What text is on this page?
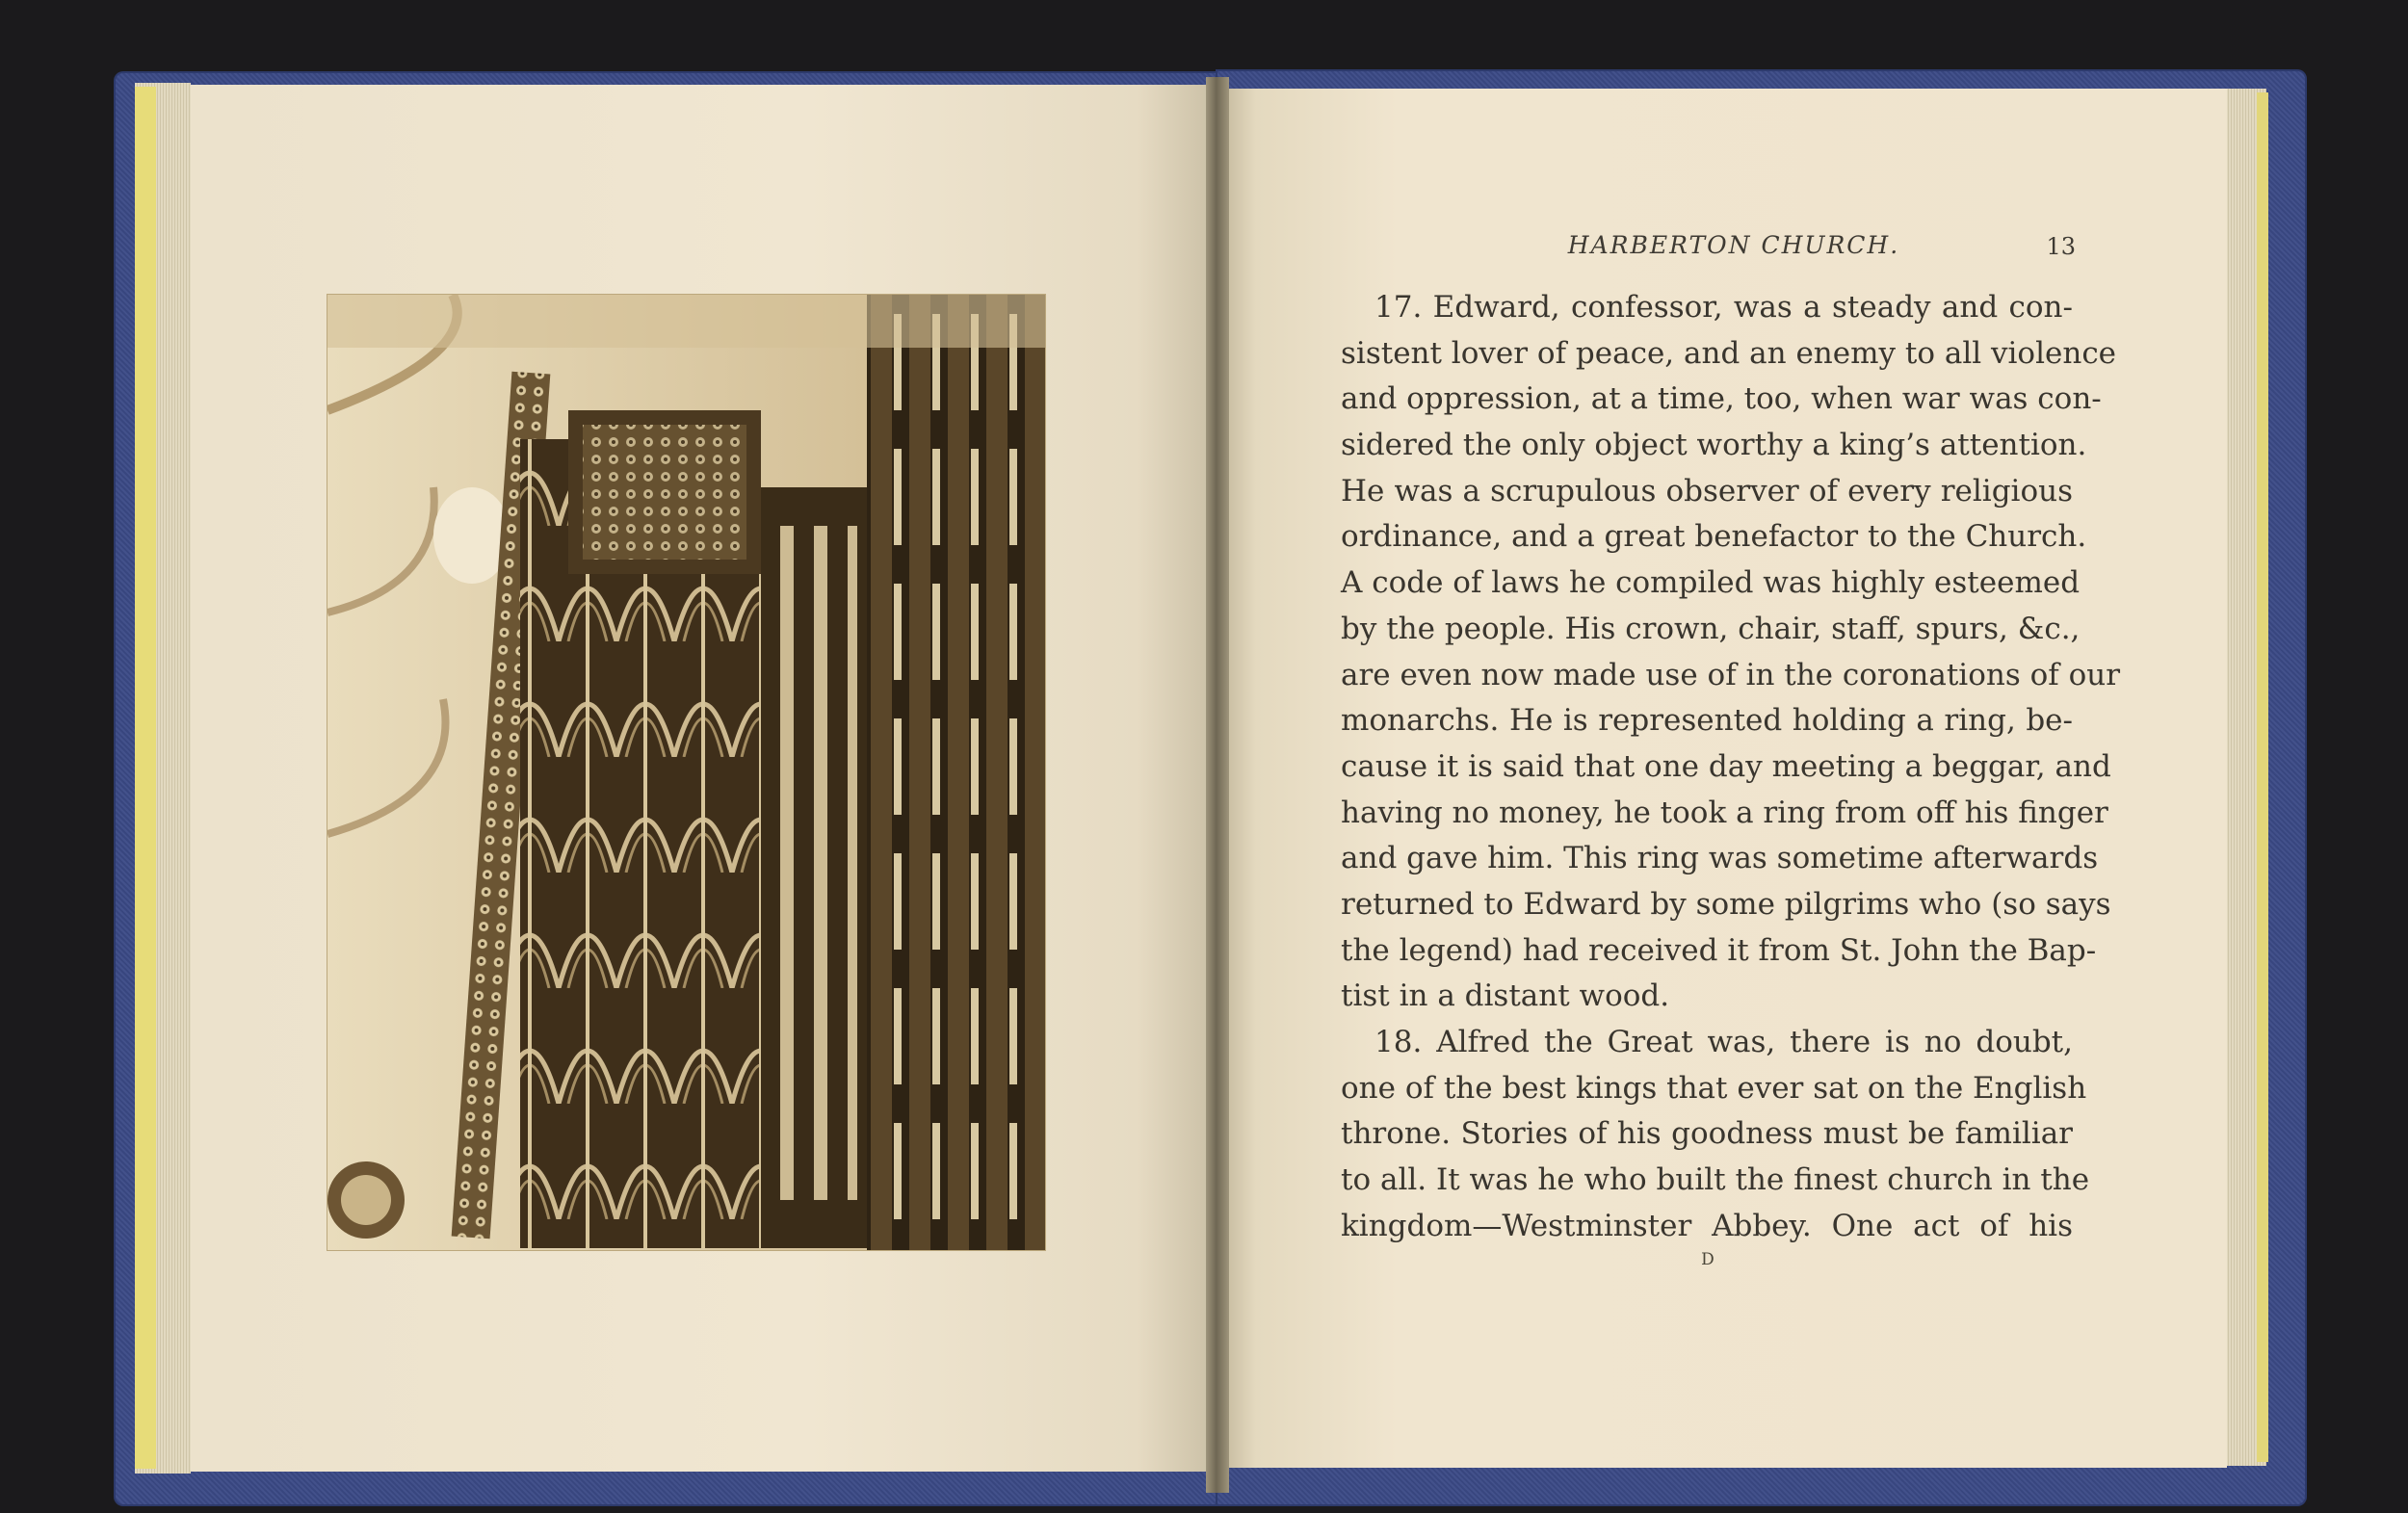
HARBERTON CHURCH.	13
17. Edward, confessor, was a steady and con-
sistent lover of peace, and an enemy to all violence
and oppression, at a time, too, when war was con-
sidered the only object worthy a king’s attention.
He was a scrupulous observer of every religious
ordinance, and a great benefactor to the Church.
A code of laws he compiled was highly esteemed
by the people. His crown, chair, staff, spurs, &c.,
are even now made use of in the coronations of our
monarchs. He is represented holding a ring, be-
cause it is said that one day meeting a beggar, and
having no money, he took a ring from off his finger
and gave him. This ring was sometime afterwards
returned to Edward by some pilgrims who (so says
the legend) had received it from St. John the Bap-
tist in a distant wood.
18. Alfred the Great was, there is no doubt,
one of the best kings that ever sat on the English
throne. Stories of his goodness must be familiar
to all. It was he who built the finest church in the
kingdom—Westminster Abbey. One act of his
D
